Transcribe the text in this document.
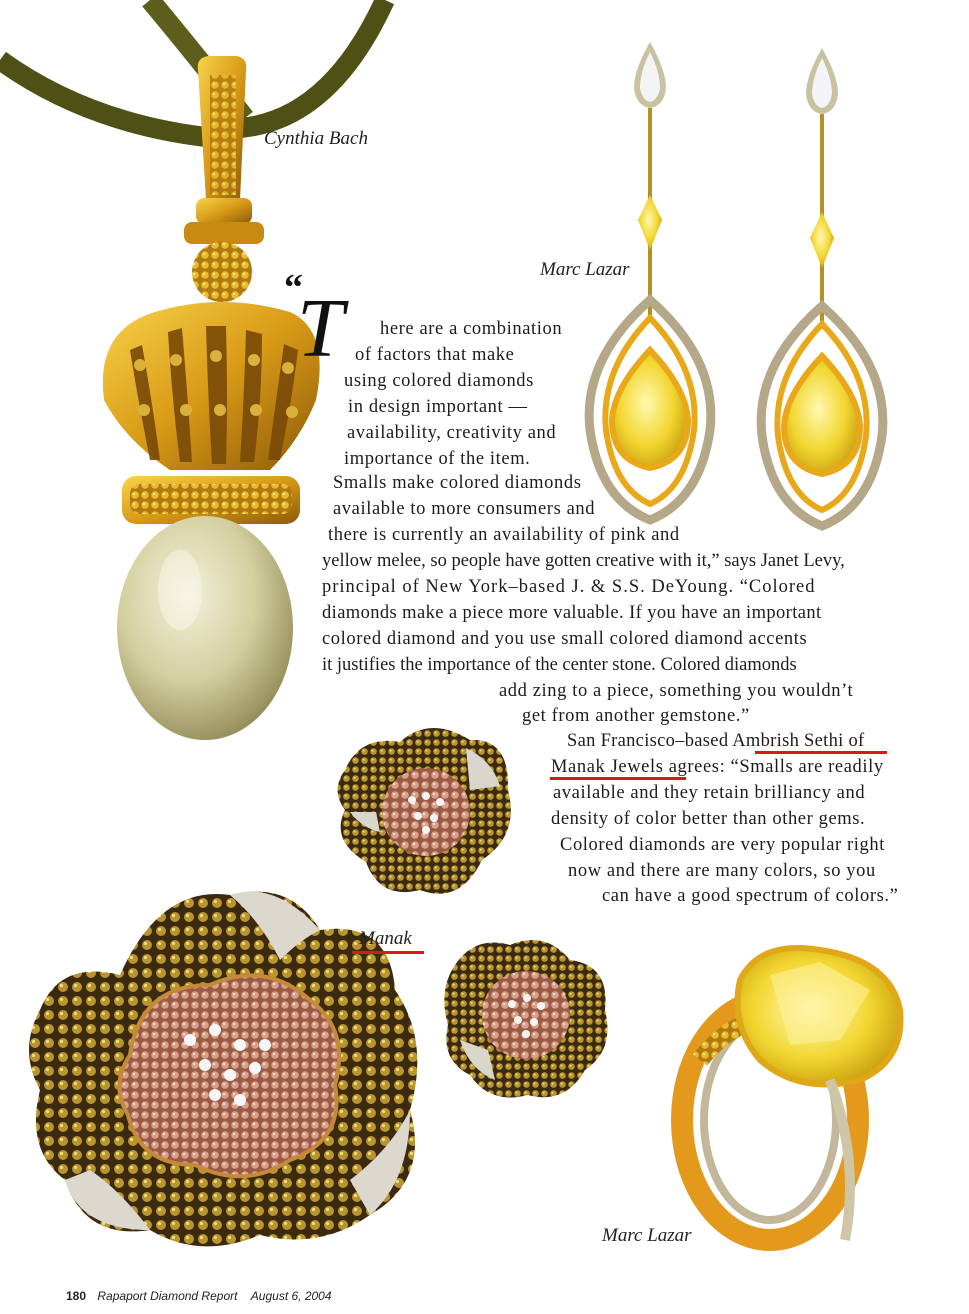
Cynthia Bach
Marc Lazar
Manak
Marc Lazar
“
T here are a combination
of factors that make
using colored diamonds
in design important —
availability, creativity and
importance of the item.
Smalls make colored diamonds
available to more consumers and
there is currently an availability of pink and
yellow melee, so people have gotten creative with it,” says Janet Levy,
principal of New York–based J. & S.S. DeYoung. “Colored
diamonds make a piece more valuable. If you have an important
colored diamond and you use small colored diamond accents
it justifies the importance of the center stone. Colored diamonds
add zing to a piece, something you wouldn’t
get from another gemstone.”
San Francisco–based Ambrish Sethi of
Manak Jewels agrees: “Smalls are readily
available and they retain brilliancy and
density of color better than other gems.
Colored diamonds are very popular right
now and there are many colors, so you
can have a good spectrum of colors.”
180 Rapaport Diamond Report August 6, 2004
